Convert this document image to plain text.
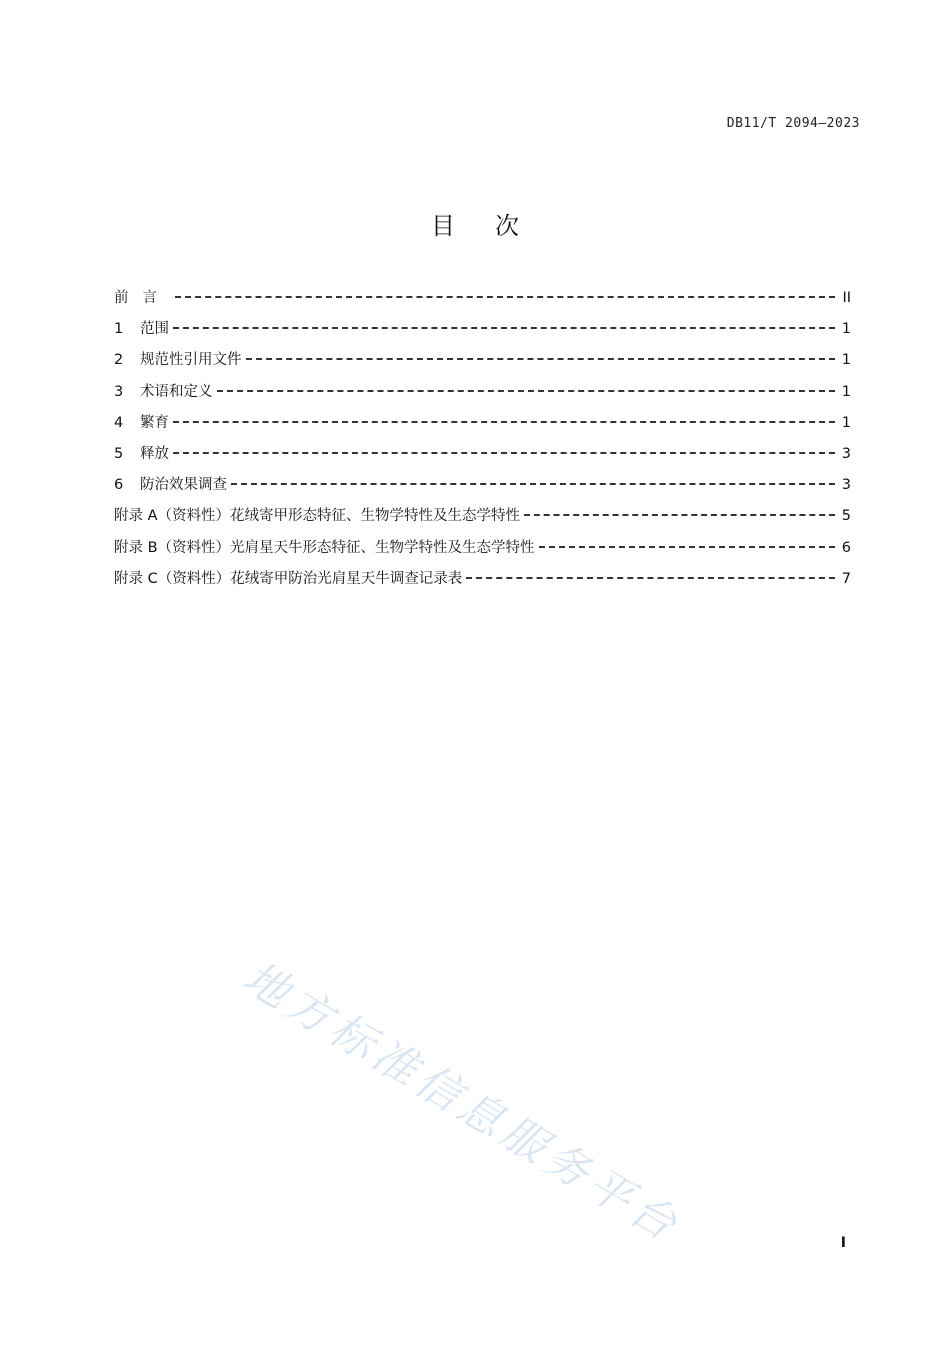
DB11/T 2094—2023
目次
前言	II
1	范围	1
2	规范性引用文件	1
3	术语和定义	1
4	繁育	1
5	释放	3
6	防治效果调查	3
附录 A（资料性）花绒寄甲形态特征、生物学特性及生态学特性	5
附录 B（资料性）光肩星天牛形态特征、生物学特性及生态学特性	6
附录 C（资料性）花绒寄甲防治光肩星天牛调查记录表	7
地方标准信息服务平台	I
